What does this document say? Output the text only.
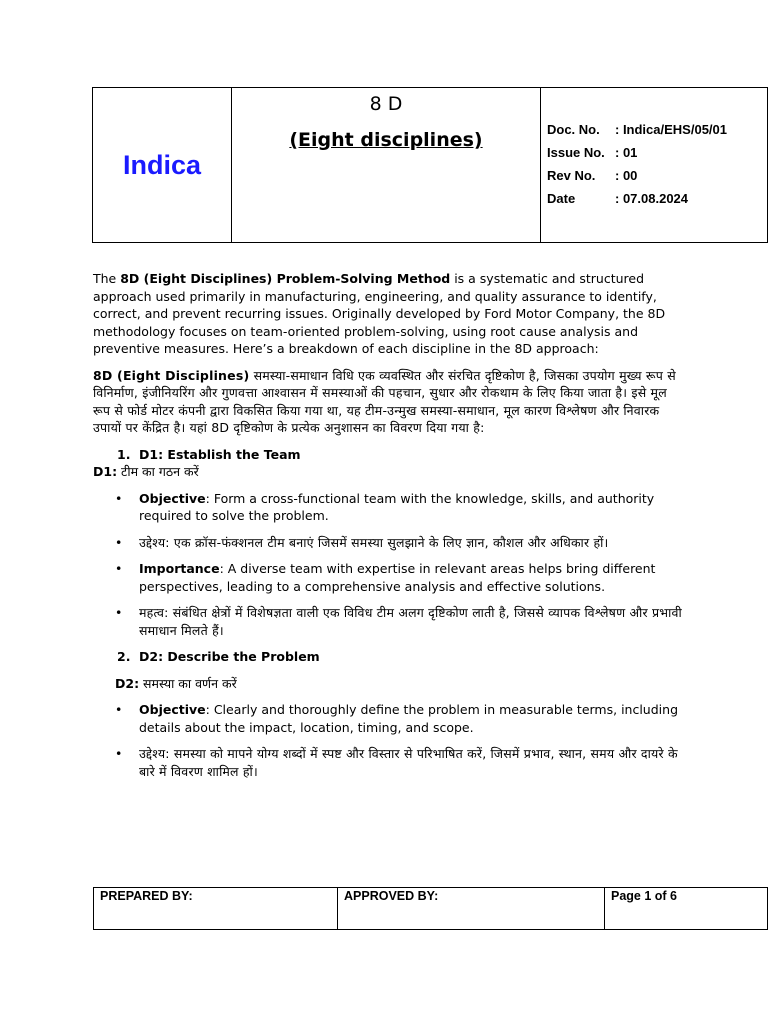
Indica
8 D
(Eight disciplines)	Doc. No.	: Indica/EHS/05/01
Issue No. : 01
Rev No.	: 00
Date	: 07.08.2024

The 8D (Eight Disciplines) Problem-Solving Method is a systematic and structured approach used primarily in manufacturing, engineering, and quality assurance to identify, correct, and prevent recurring issues. Originally developed by Ford Motor Company, the 8D methodology focuses on team-oriented problem-solving, using root cause analysis and preventive measures. Here’s a breakdown of each discipline in the 8D approach:

8D (Eight Disciplines) समस्या-समाधान विधि एक व्यवस्थित और संरचित दृष्टिकोण है, जिसका उपयोग मुख्य रूप से विनिर्माण, इंजीनियरिंग और गुणवत्ता आश्वासन में समस्याओं की पहचान, सुधार और रोकथाम के लिए किया जाता है। इसे मूल रूप से फोर्ड मोटर कंपनी द्वारा विकसित किया गया था, यह टीम-उन्मुख समस्या-समाधान, मूल कारण विश्लेषण और निवारक उपायों पर केंद्रित है। यहां 8D दृष्टिकोण के प्रत्येक अनुशासन का विवरण दिया गया है:

1. D1: Establish the Team

D1: टीम का गठन करें

•	Objective: Form a cross-functional team with the knowledge, skills, and authority required to solve the problem.
•	उद्देश्य: एक क्रॉस-फंक्शनल टीम बनाएं जिसमें समस्या सुलझाने के लिए ज्ञान, कौशल और अधिकार हों।
•	Importance: A diverse team with expertise in relevant areas helps bring different perspectives, leading to a comprehensive analysis and effective solutions.
•	महत्व: संबंधित क्षेत्रों में विशेषज्ञता वाली एक विविध टीम अलग दृष्टिकोण लाती है, जिससे व्यापक विश्लेषण और प्रभावी समाधान मिलते हैं।
2. D2: Describe the Problem

D2: समस्या का वर्णन करें

•	Objective: Clearly and thoroughly define the problem in measurable terms, including details about the impact, location, timing, and scope.
•	उद्देश्य: समस्या को मापने योग्य शब्दों में स्पष्ट और विस्तार से परिभाषित करें, जिसमें प्रभाव, स्थान, समय और दायरे के बारे में विवरण शामिल हों।
PREPARED BY:	APPROVED BY:	Page 1 of 6
